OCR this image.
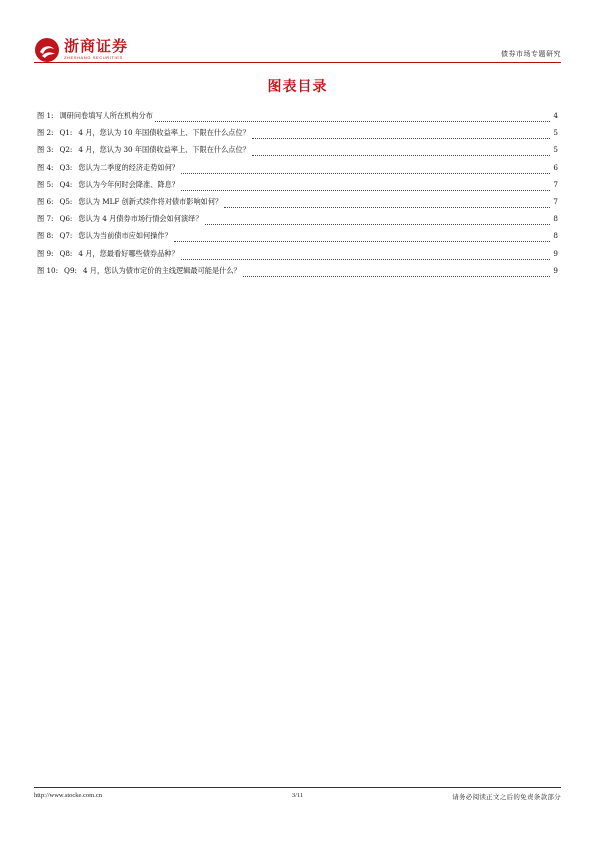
浙商证券
ZHESHANG SECURITIES	债券市场专题研究
图表目录
图 1: 调研问卷填写人所在机构分布	4
图 2: Q1: 4 月，您认为 10 年国债收益率上、下限在什么点位？	5
图 3: Q2: 4 月，您认为 30 年国债收益率上、下限在什么点位？	5
图 4: Q3: 您认为二季度的经济走势如何？	6
图 5: Q4: 您认为今年何时会降准、降息？	7
图 6: Q5: 您认为 MLF 创新式续作将对债市影响如何？	7
图 7: Q6: 您认为 4 月债券市场行情会如何演绎？	8
图 8: Q7: 您认为当前债市应如何操作？	8
图 9: Q8: 4 月，您最看好哪些债券品种？	9
图 10: Q9: 4 月，您认为债市定价的主线逻辑最可能是什么？	9
http://www.stocke.com.cn	3/11	请务必阅读正文之后的免责条款部分
